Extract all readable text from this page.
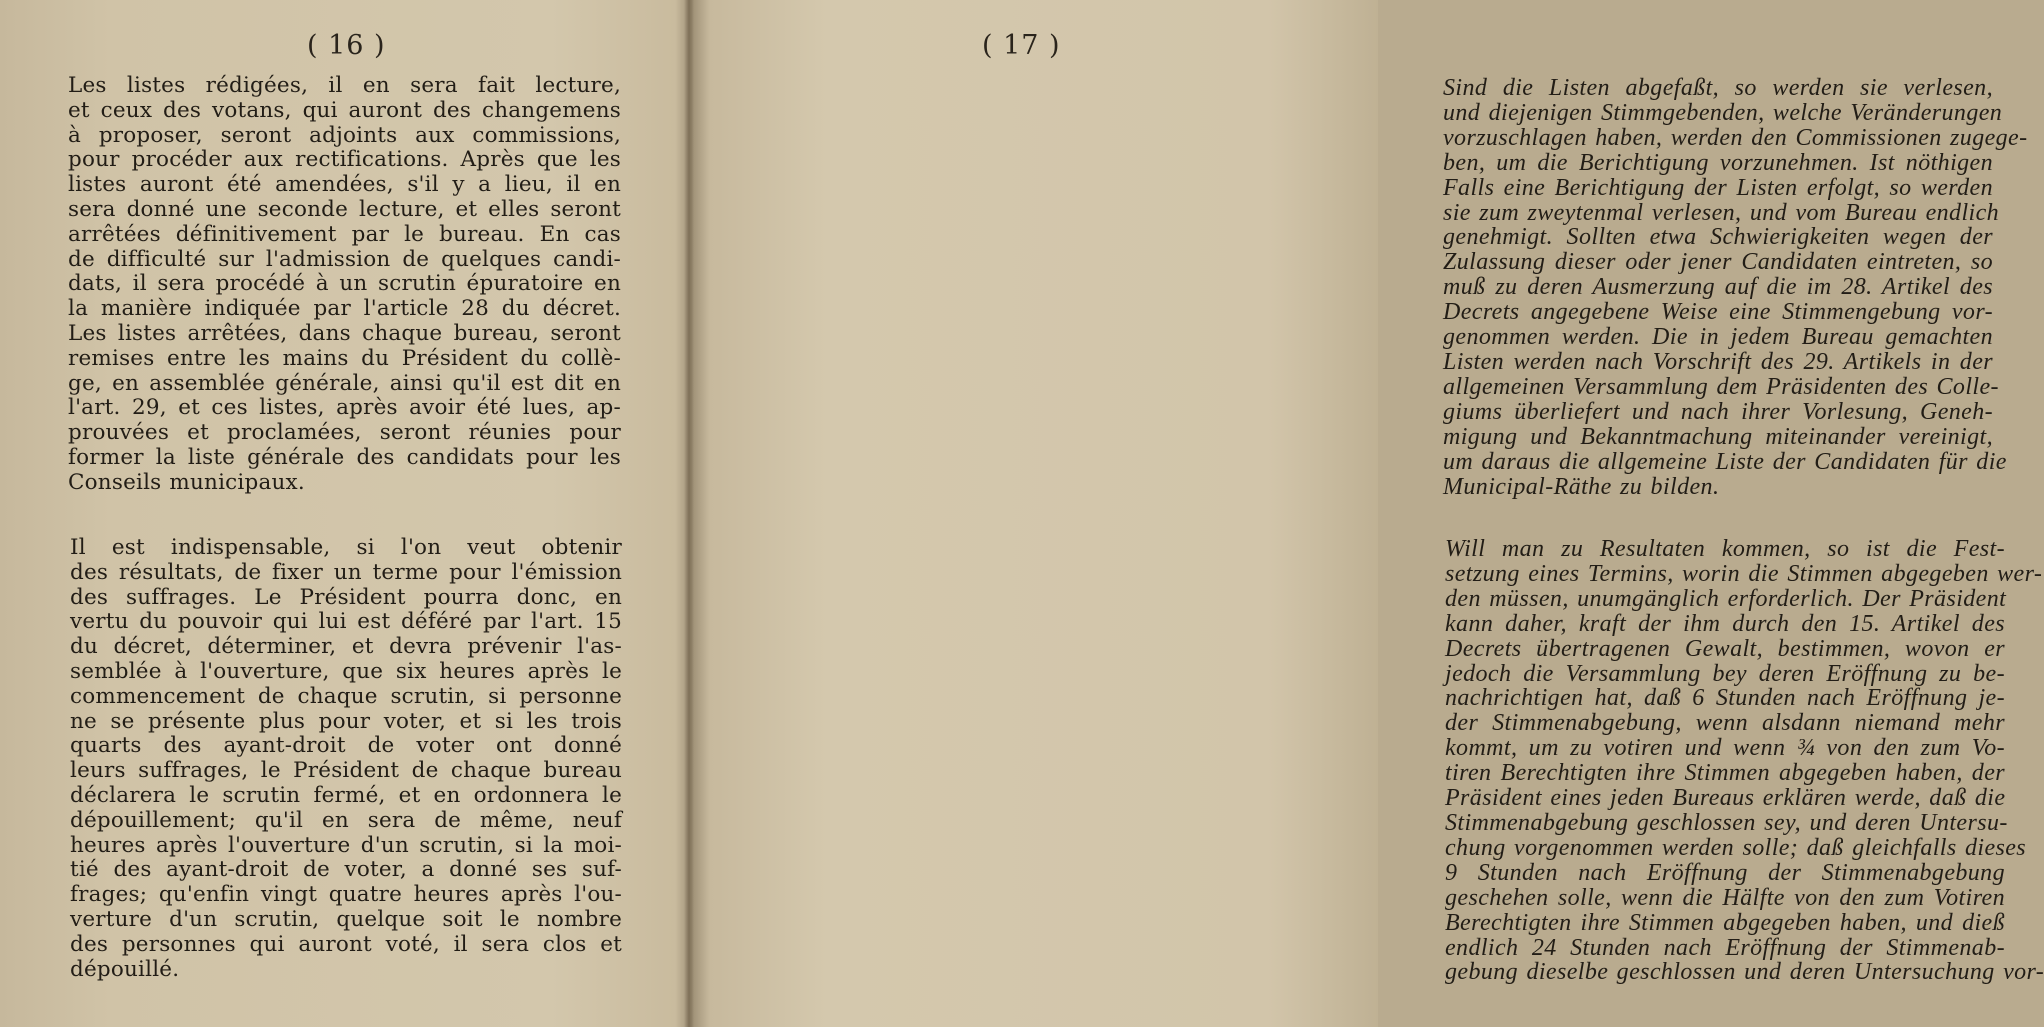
( 16 )
Les listes rédigées, il en sera fait lecture,
et ceux des votans, qui auront des changemens
à proposer, seront adjoints aux commissions,
pour procéder aux rectifications. Après que les
listes auront été amendées, s'il y a lieu, il en
sera donné une seconde lecture, et elles seront
arrêtées définitivement par le bureau. En cas
de difficulté sur l'admission de quelques candi-
dats, il sera procédé à un scrutin épuratoire en
la manière indiquée par l'article 28 du décret.
Les listes arrêtées, dans chaque bureau, seront
remises entre les mains du Président du collè-
ge, en assemblée générale, ainsi qu'il est dit en
l'art. 29, et ces listes, après avoir été lues, ap-
prouvées et proclamées, seront réunies pour
former la liste générale des candidats pour les
Conseils municipaux.
Il est indispensable, si l'on veut obtenir
des résultats, de fixer un terme pour l'émission
des suffrages. Le Président pourra donc, en
vertu du pouvoir qui lui est déféré par l'art. 15
du décret, déterminer, et devra prévenir l'as-
semblée à l'ouverture, que six heures après le
commencement de chaque scrutin, si personne
ne se présente plus pour voter, et si les trois
quarts des ayant-droit de voter ont donné
leurs suffrages, le Président de chaque bureau
déclarera le scrutin fermé, et en ordonnera le
dépouillement; qu'il en sera de même, neuf
heures après l'ouverture d'un scrutin, si la moi-
tié des ayant-droit de voter, a donné ses suf-
frages; qu'enfin vingt quatre heures après l'ou-
verture d'un scrutin, quelque soit le nombre
des personnes qui auront voté, il sera clos et
dépouillé.
( 17 )
Sind die Listen abgefaßt, so werden sie verlesen,
und diejenigen Stimmgebenden, welche Veränderungen
vorzuschlagen haben, werden den Commissionen zugege-
ben, um die Berichtigung vorzunehmen. Ist nöthigen
Falls eine Berichtigung der Listen erfolgt, so werden
sie zum zweytenmal verlesen, und vom Bureau endlich
genehmigt. Sollten etwa Schwierigkeiten wegen der
Zulassung dieser oder jener Candidaten eintreten, so
muß zu deren Ausmerzung auf die im 28. Artikel des
Decrets angegebene Weise eine Stimmengebung vor-
genommen werden. Die in jedem Bureau gemachten
Listen werden nach Vorschrift des 29. Artikels in der
allgemeinen Versammlung dem Präsidenten des Colle-
giums überliefert und nach ihrer Vorlesung, Geneh-
migung und Bekanntmachung miteinander vereinigt,
um daraus die allgemeine Liste der Candidaten für die
Municipal-Räthe zu bilden.
Will man zu Resultaten kommen, so ist die Fest-
setzung eines Termins, worin die Stimmen abgegeben wer-
den müssen, unumgänglich erforderlich. Der Präsident
kann daher, kraft der ihm durch den 15. Artikel des
Decrets übertragenen Gewalt, bestimmen, wovon er
jedoch die Versammlung bey deren Eröffnung zu be-
nachrichtigen hat, daß 6 Stunden nach Eröffnung je-
der Stimmenabgebung, wenn alsdann niemand mehr
kommt, um zu votiren und wenn ¾ von den zum Vo-
tiren Berechtigten ihre Stimmen abgegeben haben, der
Präsident eines jeden Bureaus erklären werde, daß die
Stimmenabgebung geschlossen sey, und deren Untersu-
chung vorgenommen werden solle; daß gleichfalls dieses
9 Stunden nach Eröffnung der Stimmenabgebung
geschehen solle, wenn die Hälfte von den zum Votiren
Berechtigten ihre Stimmen abgegeben haben, und dieß
endlich 24 Stunden nach Eröffnung der Stimmenab-
gebung dieselbe geschlossen und deren Untersuchung vor-
